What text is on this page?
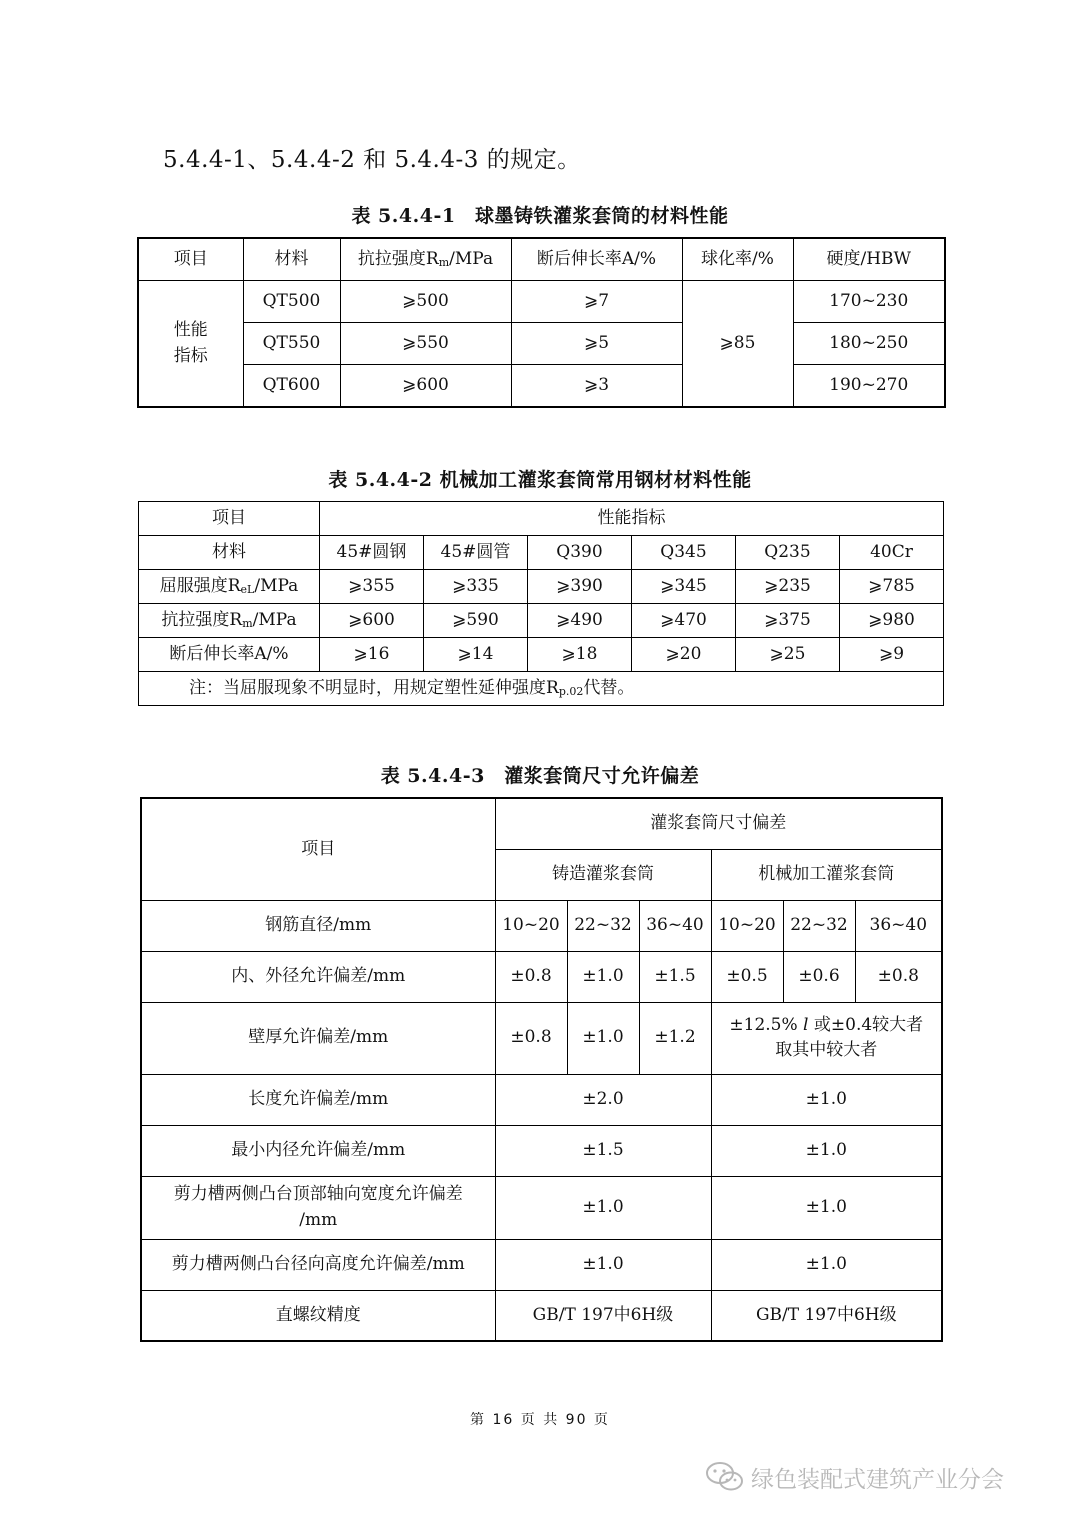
5.4.4-1、5.4.4-2 和 5.4.4-3 的规定。
表 5.4.4-1　球墨铸铁灌浆套筒的材料性能
项目	材料	抗拉强度$R_m$/MPa	断后伸长率A/%	球化率/%	硬度/HBW
性能
指标	QT500	⩾500	⩾7	⩾85	170~230
	QT550	⩾550	⩾5		180~250
	QT600	⩾600	⩾3		190~270
表 5.4.4-2 机械加工灌浆套筒常用钢材材料性能
项目	性能指标					
材料	45#圆钢	45#圆管	Q390	Q345	Q235	40Cr
屈服强度$R_{eL}$/MPa	⩾355	⩾335	⩾390	⩾345	⩾235	⩾785
抗拉强度$R_m$/MPa	⩾600	⩾590	⩾490	⩾470	⩾375	⩾980
断后伸长率A/%	⩾16	⩾14	⩾18	⩾20	⩾25	⩾9
注：当屈服现象不明显时，用规定塑性延伸强度$R_{p.02}$代替。						
表 5.4.4-3　灌浆套筒尺寸允许偏差
项目	灌浆套筒尺寸偏差					
	铸造灌浆套筒			机械加工灌浆套筒		
钢筋直径/mm	10~20	22~32	36~40	10~20	22~32	36~40
内、外径允许偏差/mm	±0.8	±1.0	±1.5	±0.5	±0.6	±0.8
壁厚允许偏差/mm	±0.8	±1.0	±1.2	±12.5% l 或±0.4较大者
取其中较大者		
长度允许偏差/mm	±2.0			±1.0		
最小内径允许偏差/mm	±1.5			±1.0		
剪力槽两侧凸台顶部轴向宽度允许偏差
/mm	±1.0			±1.0		
剪力槽两侧凸台径向高度允许偏差/mm	±1.0			±1.0		
直螺纹精度	GB/T 197中6H级			GB/T 197中6H级		
第 16 页 共 90 页
绿色装配式建筑产业分会
